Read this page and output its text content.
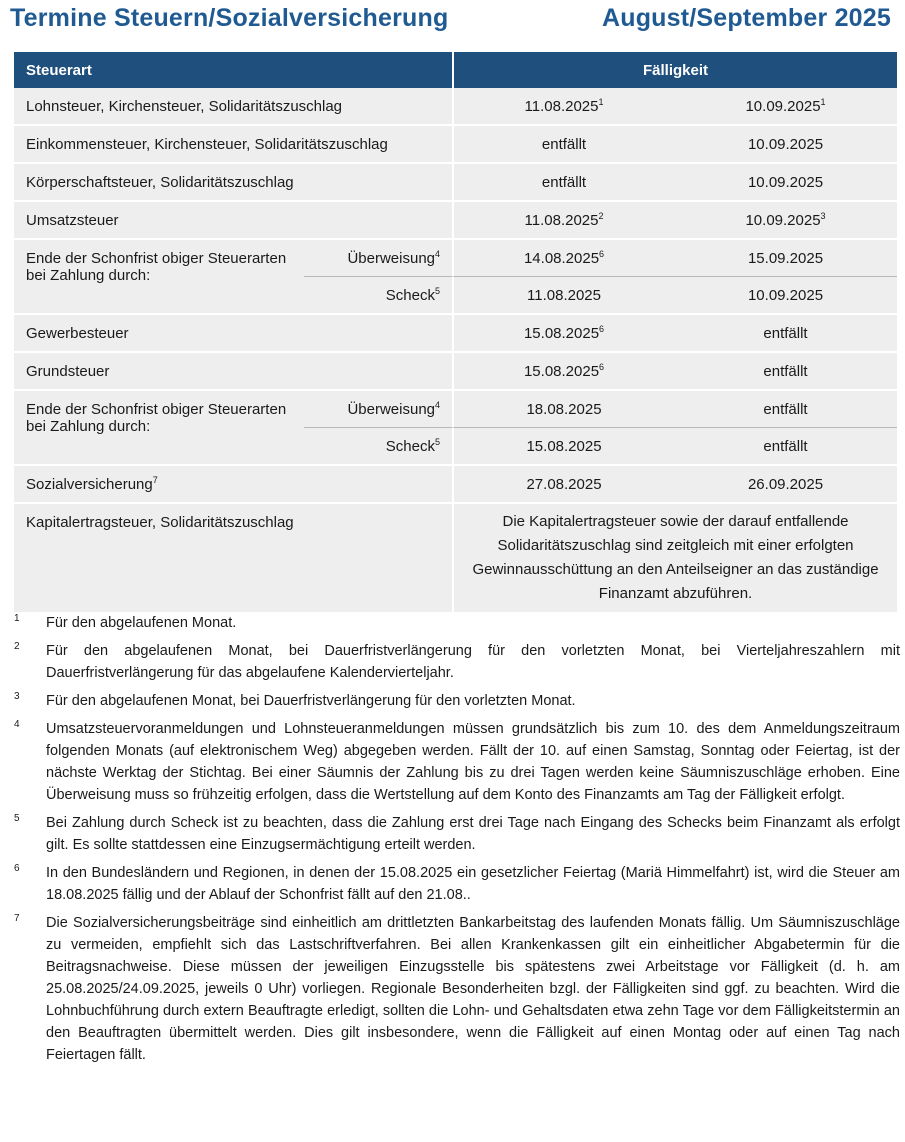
Termine Steuern/Sozialversicherung	August/September 2025
Steuerart		Fälligkeit	
Lohnsteuer, Kirchensteuer, Solidaritätszuschlag		11.08.2025$^1$	10.09.2025$^1$
Einkommensteuer, Kirchensteuer, Solidaritätszuschlag		entfällt	10.09.2025
Körperschaftsteuer, Solidaritätszuschlag		entfällt	10.09.2025
Umsatzsteuer		11.08.2025$^2$	10.09.2025$^3$
Ende der Schonfrist obiger Steuerarten bei Zahlung durch:	Überweisung$^4$	14.08.2025$^6$	15.09.2025
	Scheck$^5$	11.08.2025	10.09.2025
Gewerbesteuer		15.08.2025$^6$	entfällt
Grundsteuer		15.08.2025$^6$	entfällt
Ende der Schonfrist obiger Steuerarten bei Zahlung durch:	Überweisung$^4$	18.08.2025	entfällt
	Scheck$^5$	15.08.2025	entfällt
Sozialversicherung$^7$		27.08.2025	26.09.2025
Kapitalertragsteuer, Solidaritätszuschlag		Die Kapitalertragsteuer sowie der darauf entfallende Solidaritätszuschlag sind zeitgleich mit einer erfolgten Gewinnausschüttung an den Anteilseigner an das zuständige Finanzamt abzuführen.	
1	Für den abgelaufenen Monat.
2	Für den abgelaufenen Monat, bei Dauerfristverlängerung für den vorletzten Monat, bei Vierteljahreszahlern mit Dauerfristverlängerung für das abgelaufene Kalendervierteljahr.
3	Für den abgelaufenen Monat, bei Dauerfristverlängerung für den vorletzten Monat.
4	Umsatzsteuervoranmeldungen und Lohnsteueranmeldungen müssen grundsätzlich bis zum 10. des dem Anmeldungszeitraum folgenden Monats (auf elektronischem Weg) abgegeben werden. Fällt der 10. auf einen Samstag, Sonntag oder Feiertag, ist der nächste Werktag der Stichtag. Bei einer Säumnis der Zahlung bis zu drei Tagen werden keine Säumniszuschläge erhoben. Eine Überweisung muss so frühzeitig erfolgen, dass die Wertstellung auf dem Konto des Finanzamts am Tag der Fälligkeit erfolgt.
5	Bei Zahlung durch Scheck ist zu beachten, dass die Zahlung erst drei Tage nach Eingang des Schecks beim Finanzamt als erfolgt gilt. Es sollte stattdessen eine Einzugsermächtigung erteilt werden.
6	In den Bundesländern und Regionen, in denen der 15.08.2025 ein gesetzlicher Feiertag (Mariä Himmelfahrt) ist, wird die Steuer am 18.08.2025 fällig und der Ablauf der Schonfrist fällt auf den 21.08..
7	Die Sozialversicherungsbeiträge sind einheitlich am drittletzten Bankarbeitstag des laufenden Monats fällig. Um Säumniszuschläge zu vermeiden, empfiehlt sich das Lastschriftverfahren. Bei allen Krankenkassen gilt ein einheitlicher Abgabetermin für die Beitragsnachweise. Diese müssen der jeweiligen Einzugsstelle bis spätestens zwei Arbeitstage vor Fälligkeit (d. h. am 25.08.2025/24.09.2025, jeweils 0 Uhr) vorliegen. Regionale Besonderheiten bzgl. der Fälligkeiten sind ggf. zu beachten. Wird die Lohnbuchführung durch extern Beauftragte erledigt, sollten die Lohn- und Gehaltsdaten etwa zehn Tage vor dem Fälligkeitstermin an den Beauftragten übermittelt werden. Dies gilt insbesondere, wenn die Fälligkeit auf einen Montag oder auf einen Tag nach Feiertagen fällt.
